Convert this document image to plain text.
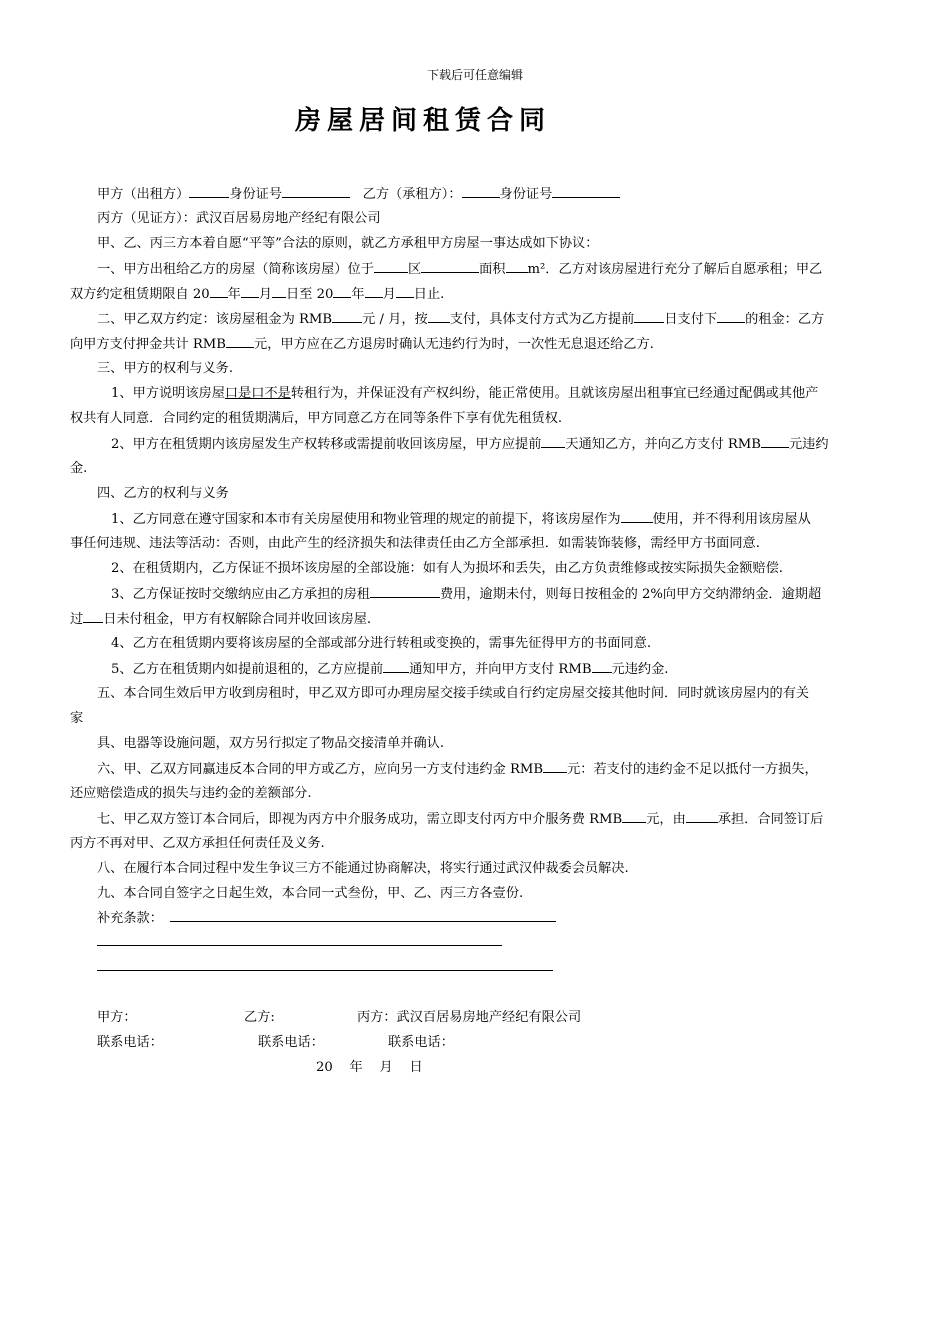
下载后可任意编辑
房屋居间租赁合同
甲方（出租方）	身份证号	乙方（承租方）：	身份证号
丙方（见证方）：武汉百居易房地产经纪有限公司
甲、乙、丙三方本着自愿“平等”合法的原则，就乙方承租甲方房屋一事达成如下协议：
一、甲方出租给乙方的房屋（简称该房屋）位于	区	面积 m²．乙方对该房屋进行充分了解后自愿承租；甲乙
双方约定租赁期限自 20 年 月 日至 20 年 月 日止.
二、甲乙双方约定：该房屋租金为 RMB 元 / 月，按 支付，具体支付方式为乙方提前 日支付下 的租金：乙方
向甲方支付押金共计 RMB 元，甲方应在乙方退房时确认无违约行为时，一次性无息退还给乙方.
三、甲方的权利与义务.
1、甲方说明该房屋口是口不是转租行为，并保证没有产权纠纷，能正常使用。且就该房屋出租事宜已经通过配偶或其他产
权共有人同意．合同约定的租赁期满后，甲方同意乙方在同等条件下享有优先租赁权.
2、甲方在租赁期内该房屋发生产权转移或需提前收回该房屋，甲方应提前 天通知乙方，并向乙方支付 RMB 元违约
金.
四、乙方的权利与义务
1、乙方同意在遵守国家和本市有关房屋使用和物业管理的规定的前提下，将该房屋作为 使用，并不得利用该房屋从
事任何违规、违法等活动：否则，由此产生的经济损失和法律责任由乙方全部承担．如需装饰装修，需经甲方书面同意.
2、在租赁期内，乙方保证不损坏该房屋的全部设施：如有人为损坏和丢失，由乙方负责维修或按实际损失金额赔偿.
3、乙方保证按时交缴纳应由乙方承担的房租	费用，逾期未付，则每日按租金的 2%向甲方交纳滞纳金．逾期超
过 日未付租金，甲方有权解除合同并收回该房屋.
4、乙方在租赁期内要将该房屋的全部或部分进行转租或变换的，需事先征得甲方的书面同意.
5、乙方在租赁期内如提前退租的，乙方应提前 通知甲方，并向甲方支付 RMB 元违约金.
五、本合同生效后甲方收到房租时，甲乙双方即可办理房屋交接手续或自行约定房屋交接其他时间．同时就该房屋内的有关
家
具、电器等设施问题，双方另行拟定了物品交接清单并确认.
六、甲、乙双方同赢违反本合同的甲方或乙方，应向另一方支付违约金 RMB 元：若支付的违约金不足以抵付一方损失，
还应赔偿造成的损失与违约金的差额部分.
七、甲乙双方签订本合同后，即视为丙方中介服务成功，需立即支付丙方中介服务费 RMB 元，由 承担．合同签订后
丙方不再对甲、乙双方承担任何责任及义务.
八、在履行本合同过程中发生争议三方不能通过协商解决，将实行通过武汉仲裁委会员解决.
九、本合同自签字之日起生效，本合同一式叁份，甲、乙、丙三方各壹份.
补充条款：
甲方：	乙方:	丙方：武汉百居易房地产经纪有限公司
联系电话：	联系电话：	联系电话：
20    年    月    日
